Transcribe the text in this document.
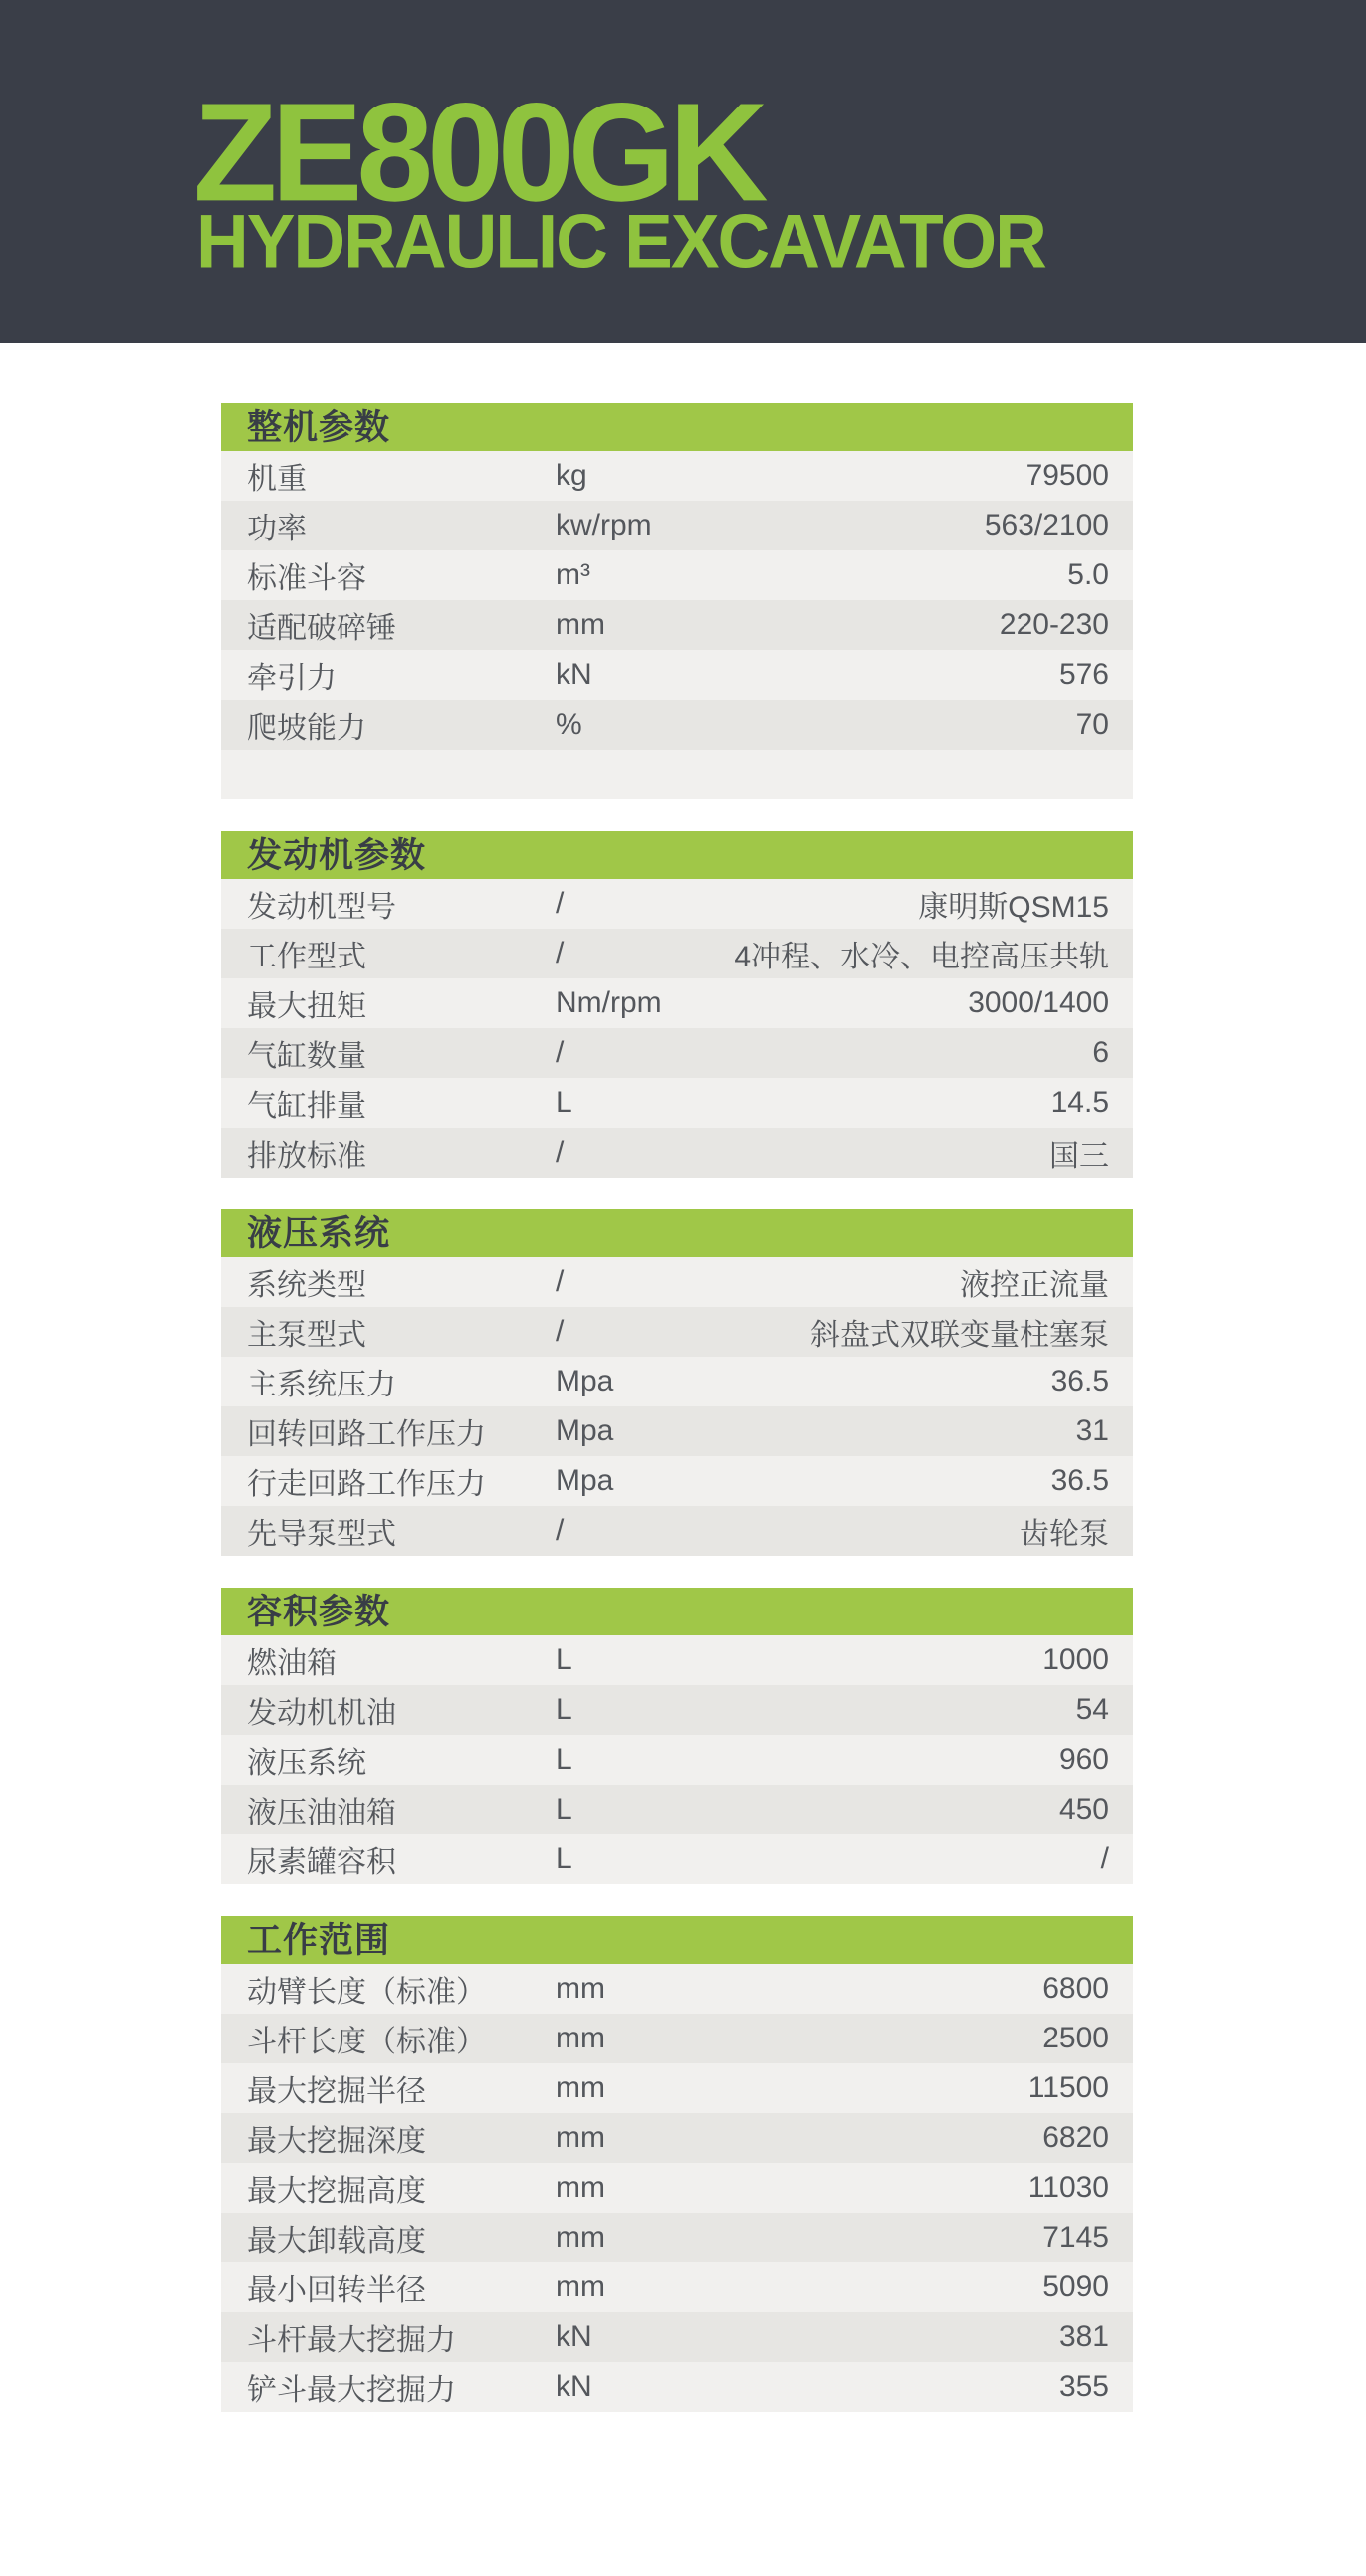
ZE800GK
HYDRAULIC EXCAVATOR
整机参数
机重	kg	79500
功率	kw/rpm	563/2100
标准斗容	m³	5.0
适配破碎锤	mm	220-230
牵引力	kN	576
爬坡能力	%	70
发动机参数
发动机型号	/	康明斯QSM15
工作型式	/	4冲程、水冷、电控高压共轨
最大扭矩	Nm/rpm	3000/1400
气缸数量	/	6
气缸排量	L	14.5
排放标准	/	国三
液压系统
系统类型	/	液控正流量
主泵型式	/	斜盘式双联变量柱塞泵
主系统压力	Mpa	36.5
回转回路工作压力	Mpa	31
行走回路工作压力	Mpa	36.5
先导泵型式	/	齿轮泵
容积参数
燃油箱	L	1000
发动机机油	L	54
液压系统	L	960
液压油油箱	L	450
尿素罐容积	L	/
工作范围
动臂长度（标准）	mm	6800
斗杆长度（标准）	mm	2500
最大挖掘半径	mm	11500
最大挖掘深度	mm	6820
最大挖掘高度	mm	11030
最大卸载高度	mm	7145
最小回转半径	mm	5090
斗杆最大挖掘力	kN	381
铲斗最大挖掘力	kN	355
